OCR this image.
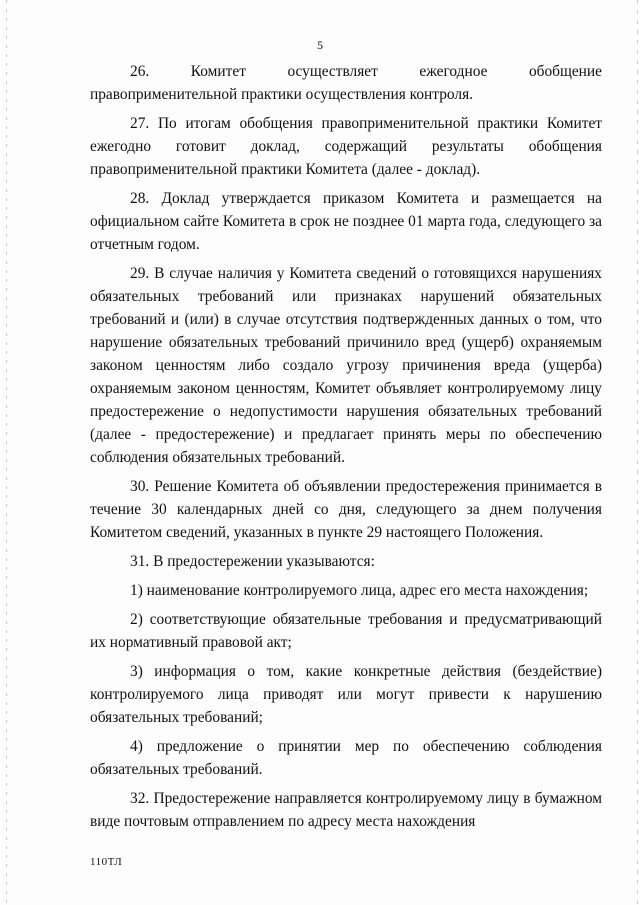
5

26. Комитет осуществляет ежегодное обобщение правоприменительной практики осуществления контроля.

27. По итогам обобщения правоприменительной практики Комитет ежегодно готовит доклад, содержащий результаты обобщения правоприменительной практики Комитета (далее - доклад).

28. Доклад утверждается приказом Комитета и размещается на официальном сайте Комитета в срок не позднее 01 марта года, следующего за отчетным годом.

29. В случае наличия у Комитета сведений о готовящихся нарушениях обязательных требований или признаках нарушений обязательных требований и (или) в случае отсутствия подтвержденных данных о том, что нарушение обязательных требований причинило вред (ущерб) охраняемым законом ценностям либо создало угрозу причинения вреда (ущерба) охраняемым законом ценностям, Комитет объявляет контролируемому лицу предостережение о недопустимости нарушения обязательных требований (далее - предостережение) и предлагает принять меры по обеспечению соблюдения обязательных требований.

30. Решение Комитета об объявлении предостережения принимается в течение 30 календарных дней со дня, следующего за днем получения Комитетом сведений, указанных в пункте 29 настоящего Положения.

31. В предостережении указываются:

1) наименование контролируемого лица, адрес его места нахождения;

2) соответствующие обязательные требования и предусматривающий их нормативный правовой акт;

3) информация о том, какие конкретные действия (бездействие) контролируемого лица приводят или могут привести к нарушению обязательных требований;

4) предложение о принятии мер по обеспечению соблюдения обязательных требований.

32. Предостережение направляется контролируемому лицу в бумажном виде почтовым отправлением по адресу места нахождения

110ТЛ
